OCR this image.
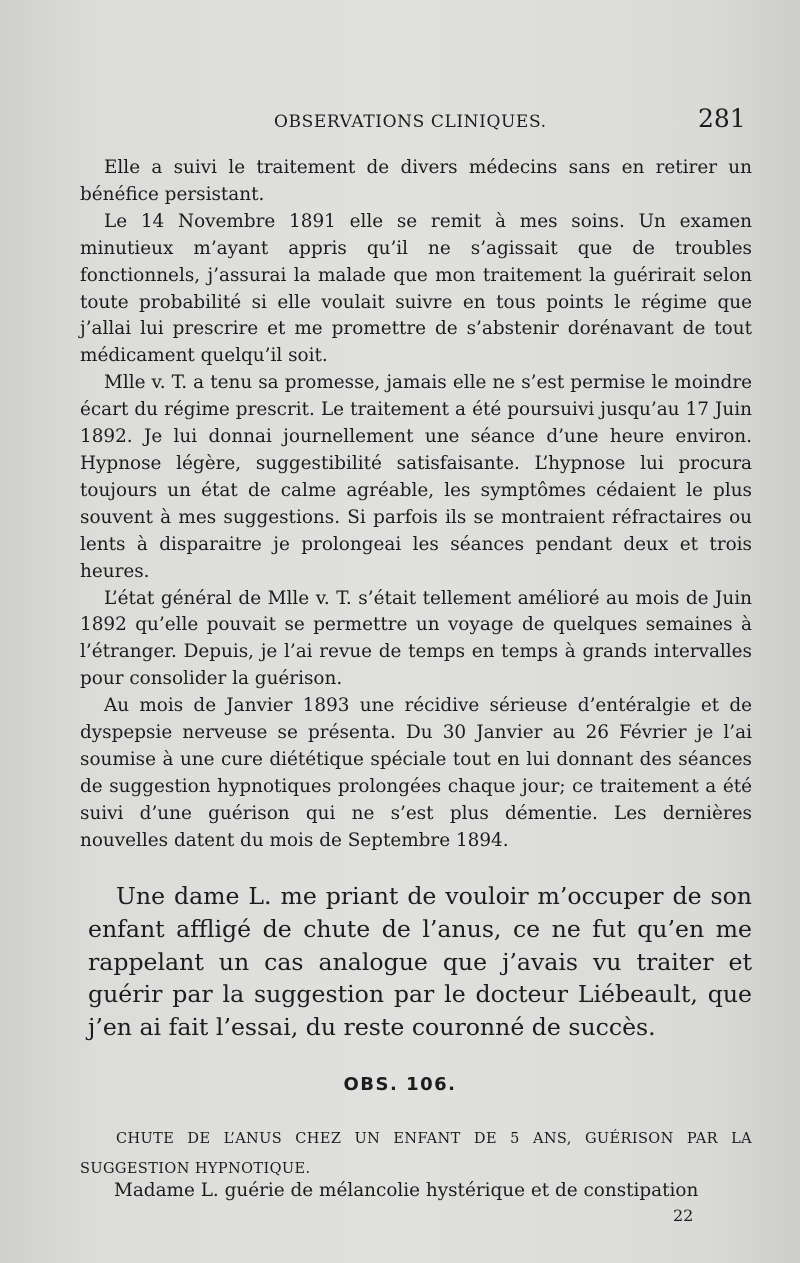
OBSERVATIONS CLINIQUES.	281

Elle a suivi le traitement de divers médecins sans en retirer un bénéfice persistant.

Le 14 Novembre 1891 elle se remit à mes soins. Un examen minutieux m’ayant appris qu’il ne s’agissait que de troubles fonctionnels, j’assurai la malade que mon traitement la guérirait selon toute probabilité si elle voulait suivre en tous points le régime que j’allai lui prescrire et me promettre de s’abstenir dorénavant de tout médicament quelqu’il soit.

Mlle v. T. a tenu sa promesse, jamais elle ne s’est permise le moindre écart du régime prescrit. Le traitement a été poursuivi jusqu’au 17 Juin 1892. Je lui donnai journellement une séance d’une heure environ. Hypnose légère, suggestibilité satisfaisante. L’hypnose lui procura toujours un état de calme agréable, les symptômes cédaient le plus souvent à mes suggestions. Si parfois ils se montraient réfractaires ou lents à disparaitre je prolongeai les séances pendant deux et trois heures.

L’état général de Mlle v. T. s’était tellement amélioré au mois de Juin 1892 qu’elle pouvait se permettre un voyage de quelques semaines à l’étranger. Depuis, je l’ai revue de temps en temps à grands intervalles pour consolider la guérison.

Au mois de Janvier 1893 une récidive sérieuse d’entéralgie et de dyspepsie nerveuse se présenta. Du 30 Janvier au 26 Février je l’ai soumise à une cure diététique spéciale tout en lui donnant des séances de suggestion hypnotiques prolongées chaque jour; ce traitement a été suivi d’une guérison qui ne s’est plus démentie. Les dernières nouvelles datent du mois de Septembre 1894.

Une dame L. me priant de vouloir m’occuper de son enfant affligé de chute de l’anus, ce ne fut qu’en me rappelant un cas analogue que j’avais vu traiter et guérir par la suggestion par le docteur Liébeault, que j’en ai fait l’essai, du reste couronné de succès.

OBS. 106.

CHUTE DE L’ANUS CHEZ UN ENFANT DE 5 ANS, GUÉRISON PAR LA SUGGESTION HYPNOTIQUE.

Madame L. guérie de mélancolie hystérique et de constipation

22
